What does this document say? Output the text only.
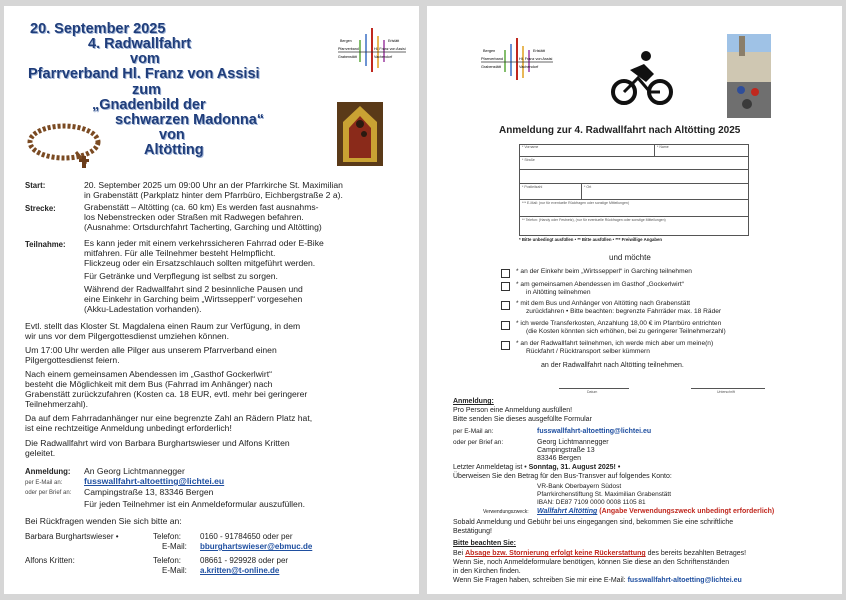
20. September 2025
4. Radwallfahrt
vom
Pfarrverband Hl. Franz von Assisi
zum
„Gnadenbild der
schwarzen Madonna“
von
Altötting
Bergen	Erlstätt
Pfarrverband	Hl. Franz von Assisi
Grabenstätt	Vachendorf
Start:	20. September 2025 um 09:00 Uhr an der Pfarrkirche St. Maximilian
in Grabenstätt (Parkplatz hinter dem Pfarrbüro, Eichbergstraße 2 a).
Strecke:	Grabenstätt – Altötting (ca. 60 km) Es werden fast ausnahms-
los Nebenstrecken oder Straßen mit Radwegen befahren.
(Ausnahme: Ortsdurchfahrt Tacherting, Garching und Altötting)
Teilnahme: Es kann jeder mit einem verkehrssicheren Fahrrad oder E-Bike
mitfahren. Für alle Teilnehmer besteht Helmpflicht.
Flickzeug oder ein Ersatzschlauch sollten mitgeführt werden.
Für Getränke und Verpflegung ist selbst zu sorgen.
Während der Radwallfahrt sind 2 besinnliche Pausen und
eine Einkehr in Garching beim „Wirtssepperl“ vorgesehen
(Akku-Ladestation vorhanden).
Evtl. stellt das Kloster St. Magdalena einen Raum zur Verfügung, in dem
wir uns vor dem Pilgergottesdienst umziehen können.
Um 17:00 Uhr werden alle Pilger aus unserem Pfarrverband einen
Pilgergottesdienst feiern.
Nach einem gemeinsamen Abendessen im „Gasthof Gockerlwirt“
besteht die Möglichkeit mit dem Bus (Fahrrad im Anhänger) nach
Grabenstätt zurückzufahren (Kosten ca. 18 EUR, evtl. mehr bei geringerer
Teilnehmerzahl).
Da auf dem Fahrradanhänger nur eine begrenzte Zahl an Rädern Platz hat,
ist eine rechtzeitige Anmeldung unbedingt erforderlich!
Die Radwallfahrt wird von Barbara Burghartswieser und Alfons Kritten
geleitet.
Anmeldung: An Georg Lichtmannegger
per E-Mail an:	fusswallfahrt-altoetting@lichtei.eu
oder per Brief an: Campingstraße 13, 83346 Bergen
Für jeden Teilnehmer ist ein Anmeldeformular auszufüllen.
Bei Rückfragen wenden Sie sich bitte an:
Barbara Burghartswieser •	Telefon: 0160 - 91784650 oder per
E-Mail: bburghartswieser@ebmuc.de
Alfons Kritten:	Telefon: 08661 - 929928 oder per
E-Mail: a.kritten@t-online.de
Bergen	Erlstätt
Pfarrverband	Hl. Franz von Assisi
Grabenstätt	Vachendorf
Anmeldung zur 4. Radwallfahrt nach Altötting 2025
* Vorname	* Name
* Straße
* Postleitzahl	* Ort
*** E-Mail: (nur für eventuelle Rückfragen oder sonstige Mitteilungen)
** Telefon: (Handy oder Festnetz), (nur für eventuelle Rückfragen oder sonstige Mitteilungen)
* Bitte unbedingt ausfüllen • ** Bitte ausfüllen • *** Freiwillige Angaben
und möchte
* an der Einkehr beim „Wirtssepperl“ in Garching teilnehmen
* am gemeinsamen Abendessen im Gasthof „Gockerlwirt“
in Altötting teilnehmen
* mit dem Bus und Anhänger von Altötting nach Grabenstätt
zurückfahren • Bitte beachten: begrenzte Fahrräder max. 18 Räder
* ich werde Transferkosten, Anzahlung 18,00 € im Pfarrbüro entrichten
(die Kosten könnten sich erhöhen, bei zu geringerer Teilnehmerzahl)
* an der Radwallfahrt teilnehmen, ich werde mich aber um meine(n)
Rückfahrt / Rücktransport selber kümmern
an der Radwallfahrt nach Altötting teilnehmen.
Datum	Unterschrift
Anmeldung:
Pro Person eine Anmeldung ausfüllen!
Bitte senden Sie dieses ausgefüllte Formular
per E-Mail an:	fusswallfahrt-altoetting@lichtei.eu
oder per Brief an:	Georg Lichtmannegger
Campingstraße 13
83346 Bergen
Letzter Anmeldetag ist • Sonntag, 31. August 2025! •
Überweisen Sie den Betrag für den Bus-Transver auf folgendes Konto:
VR-Bank Oberbayern Südost
Pfarrkirchenstiftung St. Maximilian Grabenstätt
IBAN: DE87 7109 0000 0008 1105 81
Verwendungszweck: Wallfahrt Altötting (Angabe Verwendungszweck unbedingt erforderlich)
Sobald Anmeldung und Gebühr bei uns eingegangen sind, bekommen Sie eine schriftliche
Bestätigung!
Bitte beachten Sie:
Bei Absage bzw. Stornierung erfolgt keine Rückerstattung des bereits bezahlten Betrages!
Wenn Sie, noch Anmeldeformulare benötigen, können Sie diese an den Schriftenständen
in den Kirchen finden.
Wenn Sie Fragen haben, schreiben Sie mir eine E-Mail: fusswallfahrt-altoetting@lichtei.eu
